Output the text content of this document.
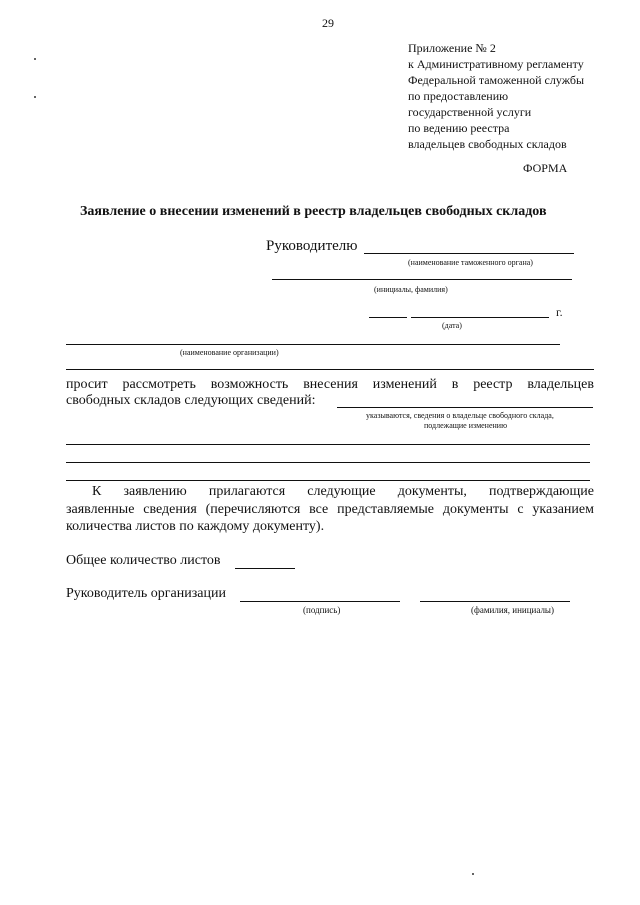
29
Приложение № 2
к Административному регламенту
Федеральной таможенной службы
по предоставлению
государственной услуги
по ведению реестра
владельцев свободных складов
ФОРМА
Заявление о внесении изменений в реестр владельцев свободных складов
Руководителю
(наименование таможенного органа)
(инициалы, фамилия)
г.
(дата)
(наименование организации)
просит рассмотреть возможность внесения изменений в реестр владельцев
свободных складов следующих сведений:
указываются, сведения о владельце свободного склада,
подлежащие изменению
К заявлению прилагаются следующие документы, подтверждающие
заявленные сведения (перечисляются все представляемые документы с указанием
количества листов по каждому документу).
Общее количество листов
Руководитель организации
(подпись)	(фамилия, инициалы)
